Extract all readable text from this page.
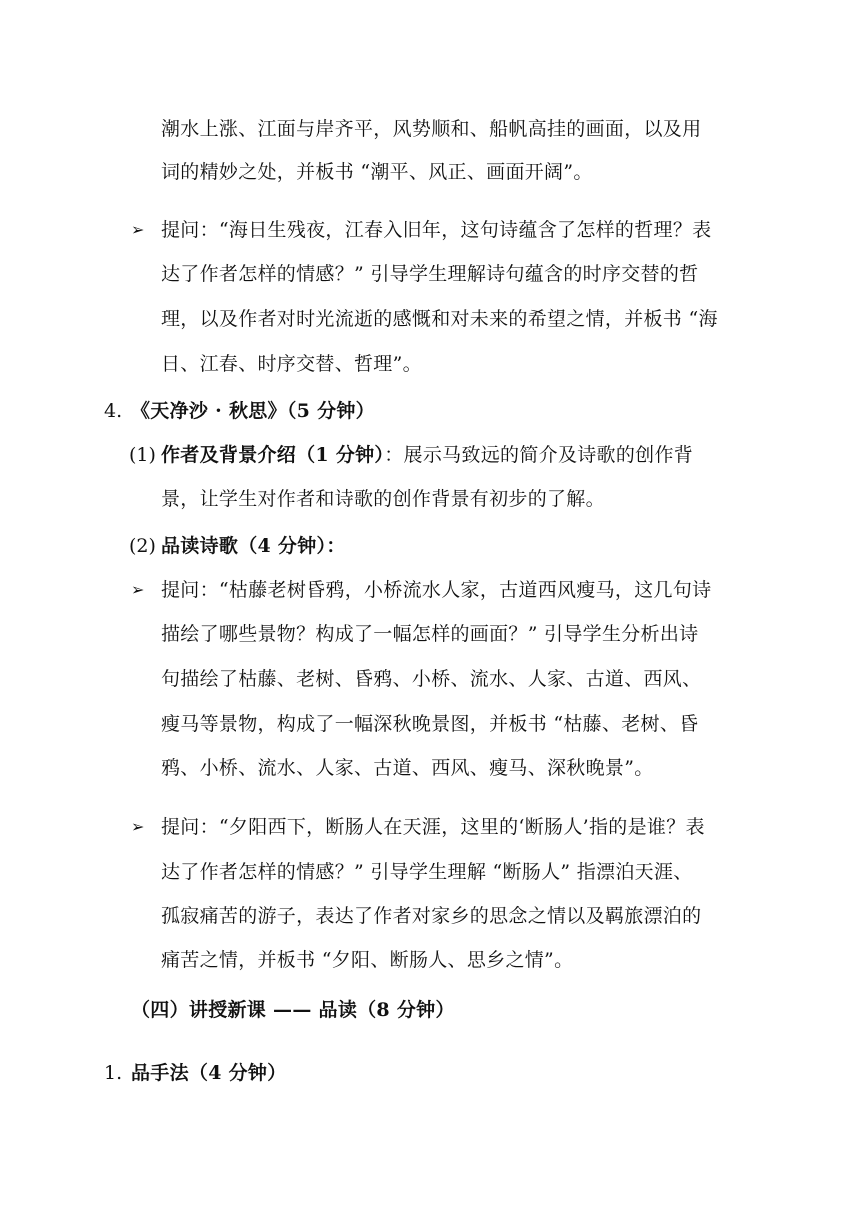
潮水上涨、江面与岸齐平，风势顺和、船帆高挂的画面，以及用

词的精妙之处，并板书 “潮平、风正、画面开阔”。

➢ 提问：“海日生残夜，江春入旧年，这句诗蕴含了怎样的哲理？表

达了作者怎样的情感？” 引导学生理解诗句蕴含的时序交替的哲

理，以及作者对时光流逝的感慨和对未来的希望之情，并板书 “海

日、江春、时序交替、哲理”。

4. 《天净沙 · 秋思》（5 分钟）

(1) 作者及背景介绍（1 分钟）：展示马致远的简介及诗歌的创作背

景，让学生对作者和诗歌的创作背景有初步的了解。

(2) 品读诗歌（4 分钟）：

➢ 提问：“枯藤老树昏鸦，小桥流水人家，古道西风瘦马，这几句诗

描绘了哪些景物？构成了一幅怎样的画面？” 引导学生分析出诗

句描绘了枯藤、老树、昏鸦、小桥、流水、人家、古道、西风、

瘦马等景物，构成了一幅深秋晚景图，并板书 “枯藤、老树、昏

鸦、小桥、流水、人家、古道、西风、瘦马、深秋晚景”。

➢ 提问：“夕阳西下，断肠人在天涯，这里的‘断肠人’指的是谁？表

达了作者怎样的情感？” 引导学生理解 “断肠人” 指漂泊天涯、

孤寂痛苦的游子，表达了作者对家乡的思念之情以及羁旅漂泊的

痛苦之情，并板书 “夕阳、断肠人、思乡之情”。

（四）讲授新课 —— 品读（8 分钟）

1. 品手法（4 分钟）
